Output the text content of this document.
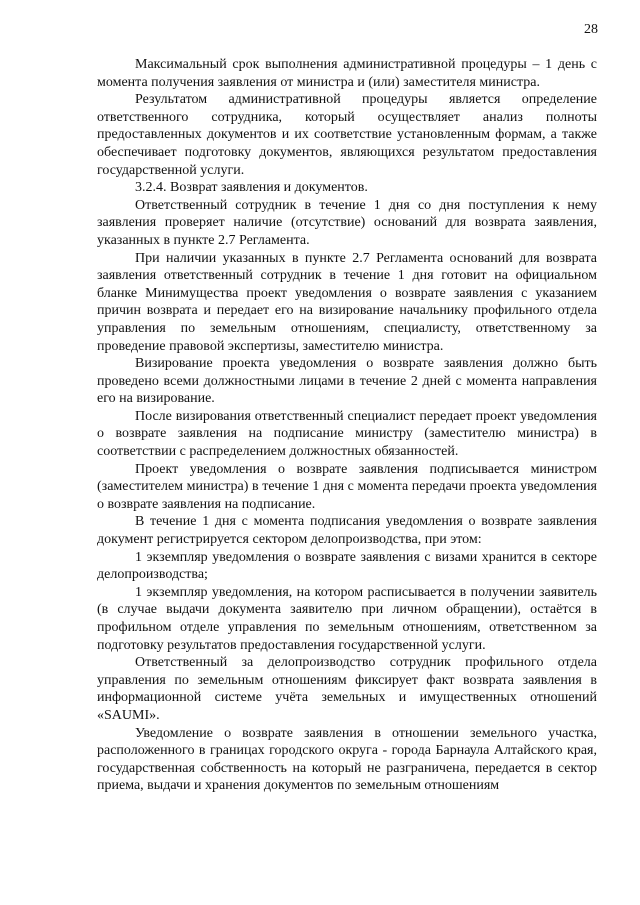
28

Максимальный срок выполнения административной процедуры – 1 день с момента получения заявления от министра и (или) заместителя министра.

Результатом административной процедуры является определение ответственного сотрудника, который осуществляет анализ полноты предоставленных документов и их соответствие установленным формам, а также обеспечивает подготовку документов, являющихся результатом предоставления государственной услуги.

3.2.4. Возврат заявления и документов.

Ответственный сотрудник в течение 1 дня со дня поступления к нему заявления проверяет наличие (отсутствие) оснований для возврата заявления, указанных в пункте 2.7 Регламента.

При наличии указанных в пункте 2.7 Регламента оснований для возврата заявления ответственный сотрудник в течение 1 дня готовит на официальном бланке Минимущества проект уведомления о возврате заявления с указанием причин возврата и передает его на визирование начальнику профильного отдела управления по земельным отношениям, специалисту, ответственному за проведение правовой экспертизы, заместителю министра.

Визирование проекта уведомления о возврате заявления должно быть проведено всеми должностными лицами в течение 2 дней с момента направления его на визирование.

После визирования ответственный специалист передает проект уведомления о возврате заявления на подписание министру (заместителю министра) в соответствии с распределением должностных обязанностей.

Проект уведомления о возврате заявления подписывается министром (заместителем министра) в течение 1 дня с момента передачи проекта уведомления о возврате заявления на подписание.

В течение 1 дня с момента подписания уведомления о возврате заявления документ регистрируется сектором делопроизводства, при этом:

1 экземпляр уведомления о возврате заявления с визами хранится в секторе делопроизводства;

1 экземпляр уведомления, на котором расписывается в получении заявитель (в случае выдачи документа заявителю при личном обращении), остаётся в профильном отделе управления по земельным отношениям, ответственном за подготовку результатов предоставления государственной услуги.

Ответственный за делопроизводство сотрудник профильного отдела управления по земельным отношениям фиксирует факт возврата заявления в информационной системе учёта земельных и имущественных отношений «SAUMI».

Уведомление о возврате заявления в отношении земельного участка, расположенного в границах городского округа - города Барнаула Алтайского края, государственная собственность на который не разграничена, передается в сектор приема, выдачи и хранения документов по земельным отношениям
